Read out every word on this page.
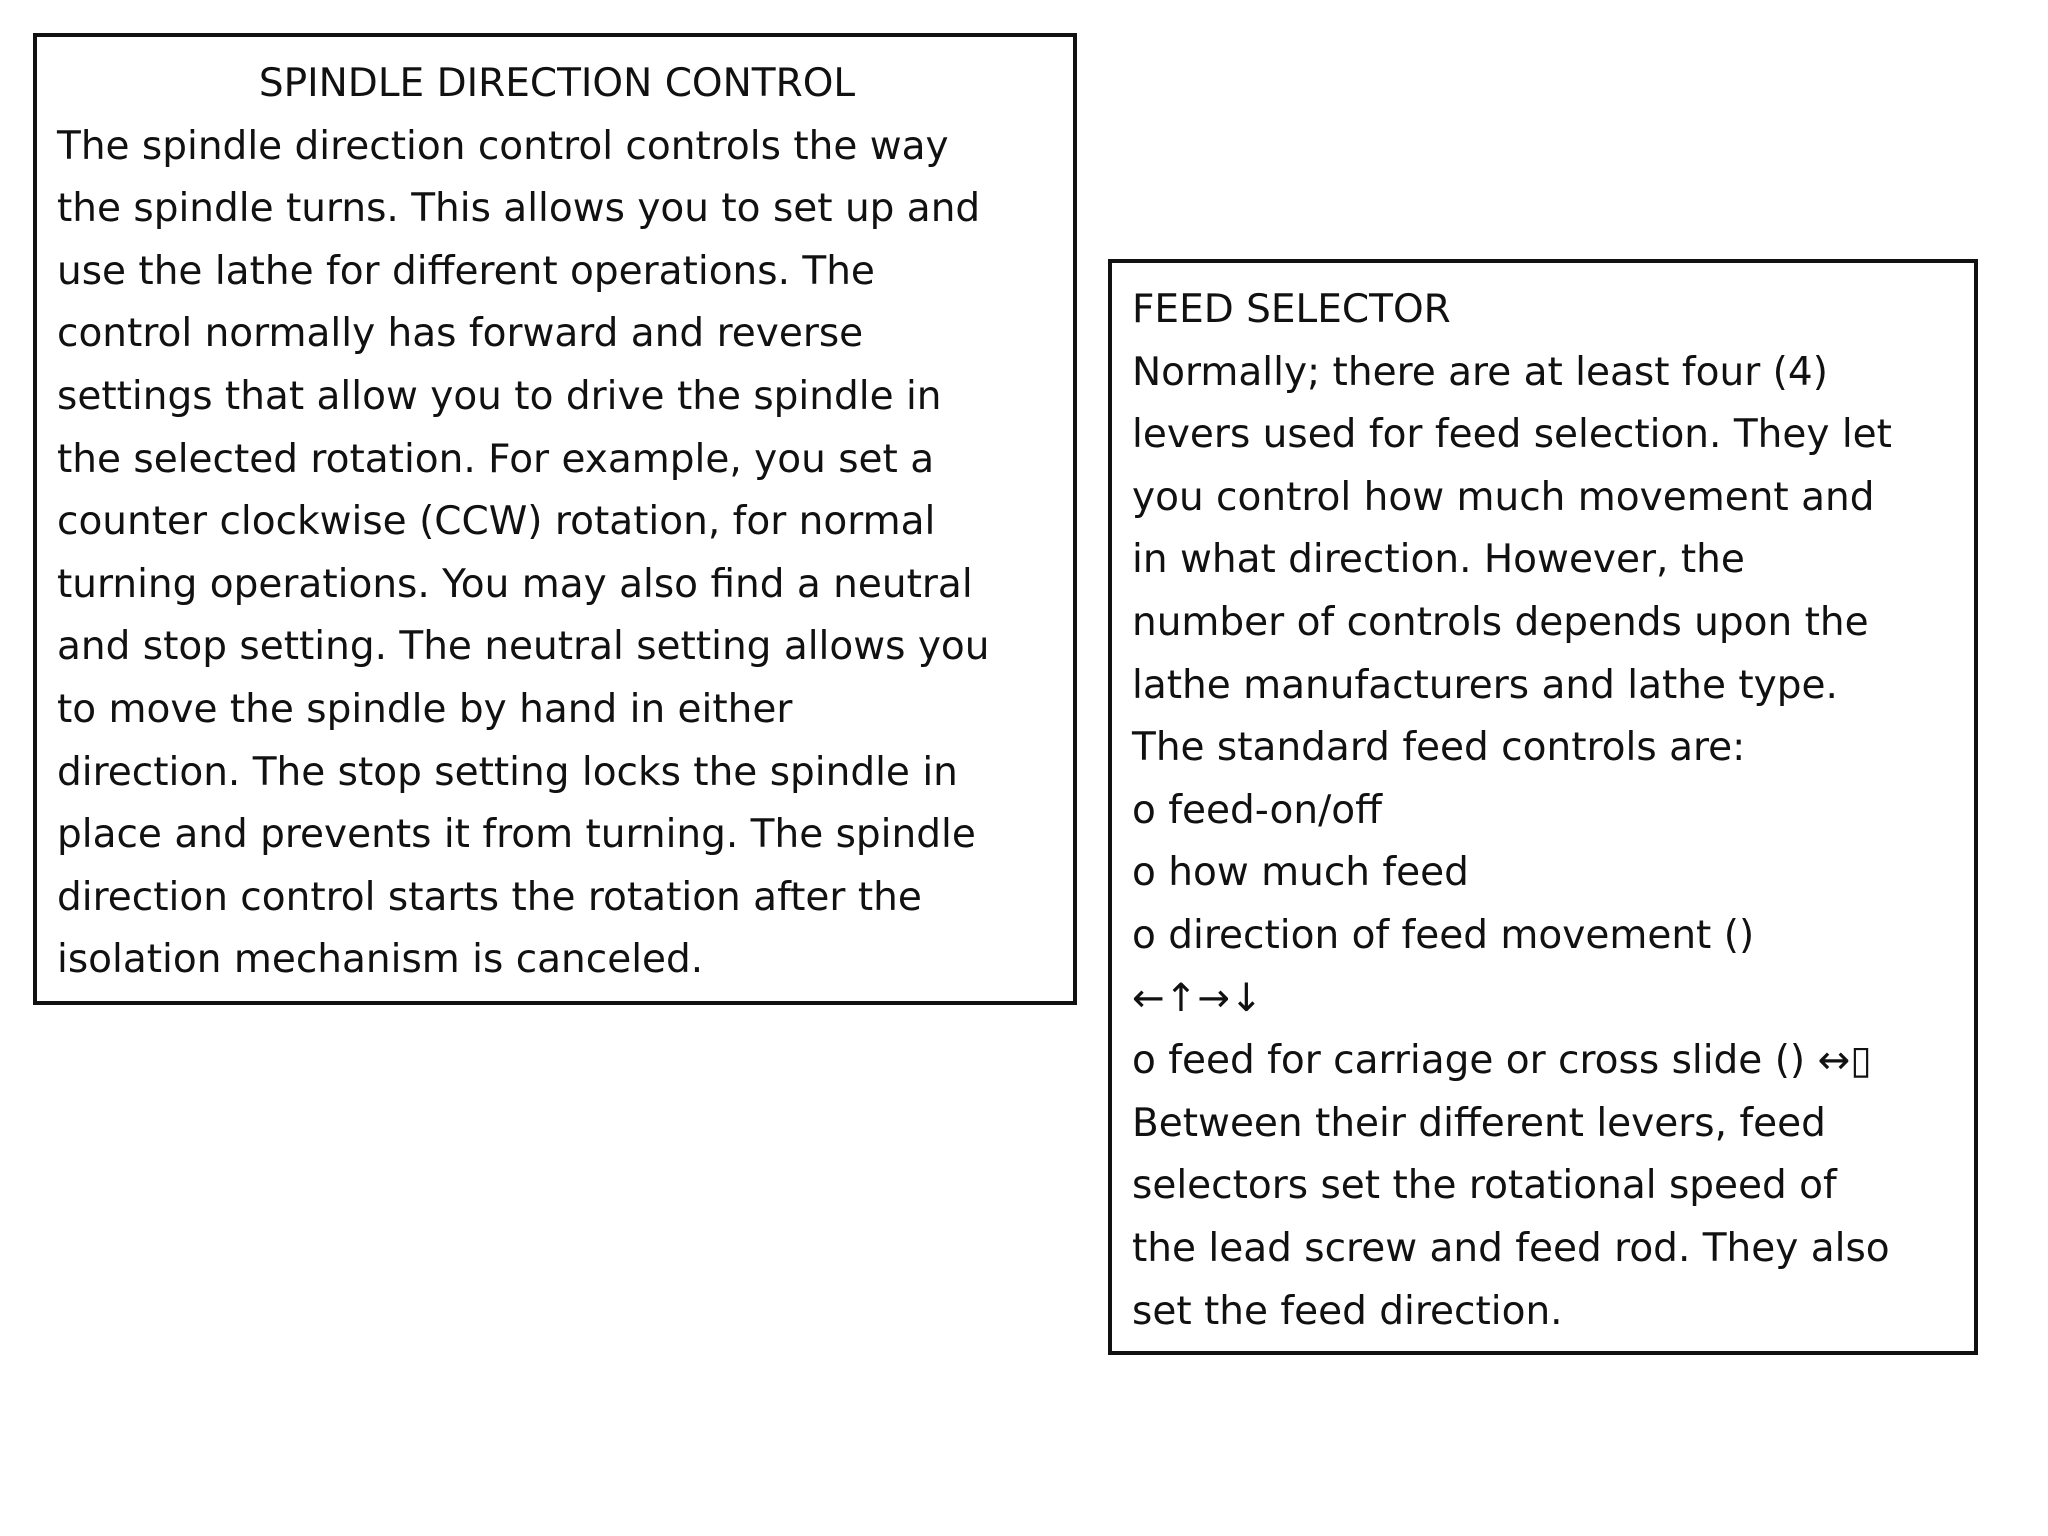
SPINDLE DIRECTION CONTROL

The spindle direction control controls the way

the spindle turns. This allows you to set up and

use the lathe for different operations. The

control normally has forward and reverse

settings that allow you to drive the spindle in

the selected rotation. For example, you set a

counter clockwise (CCW) rotation, for normal

turning operations. You may also find a neutral

and stop setting. The neutral setting allows you

to move the spindle by hand in either

direction. The stop setting locks the spindle in

place and prevents it from turning. The spindle

direction control starts the rotation after the

isolation mechanism is canceled.

FEED SELECTOR

Normally; there are at least four (4)

levers used for feed selection. They let

you control how much movement and

in what direction. However, the

number of controls depends upon the

lathe manufacturers and lathe type.

The standard feed controls are:

o feed-on/off

o how much feed

o direction of feed movement ()

←↑→↓

o feed for carriage or cross slide () ↔▯

Between their different levers, feed

selectors set the rotational speed of

the lead screw and feed rod. They also

set the feed direction.
